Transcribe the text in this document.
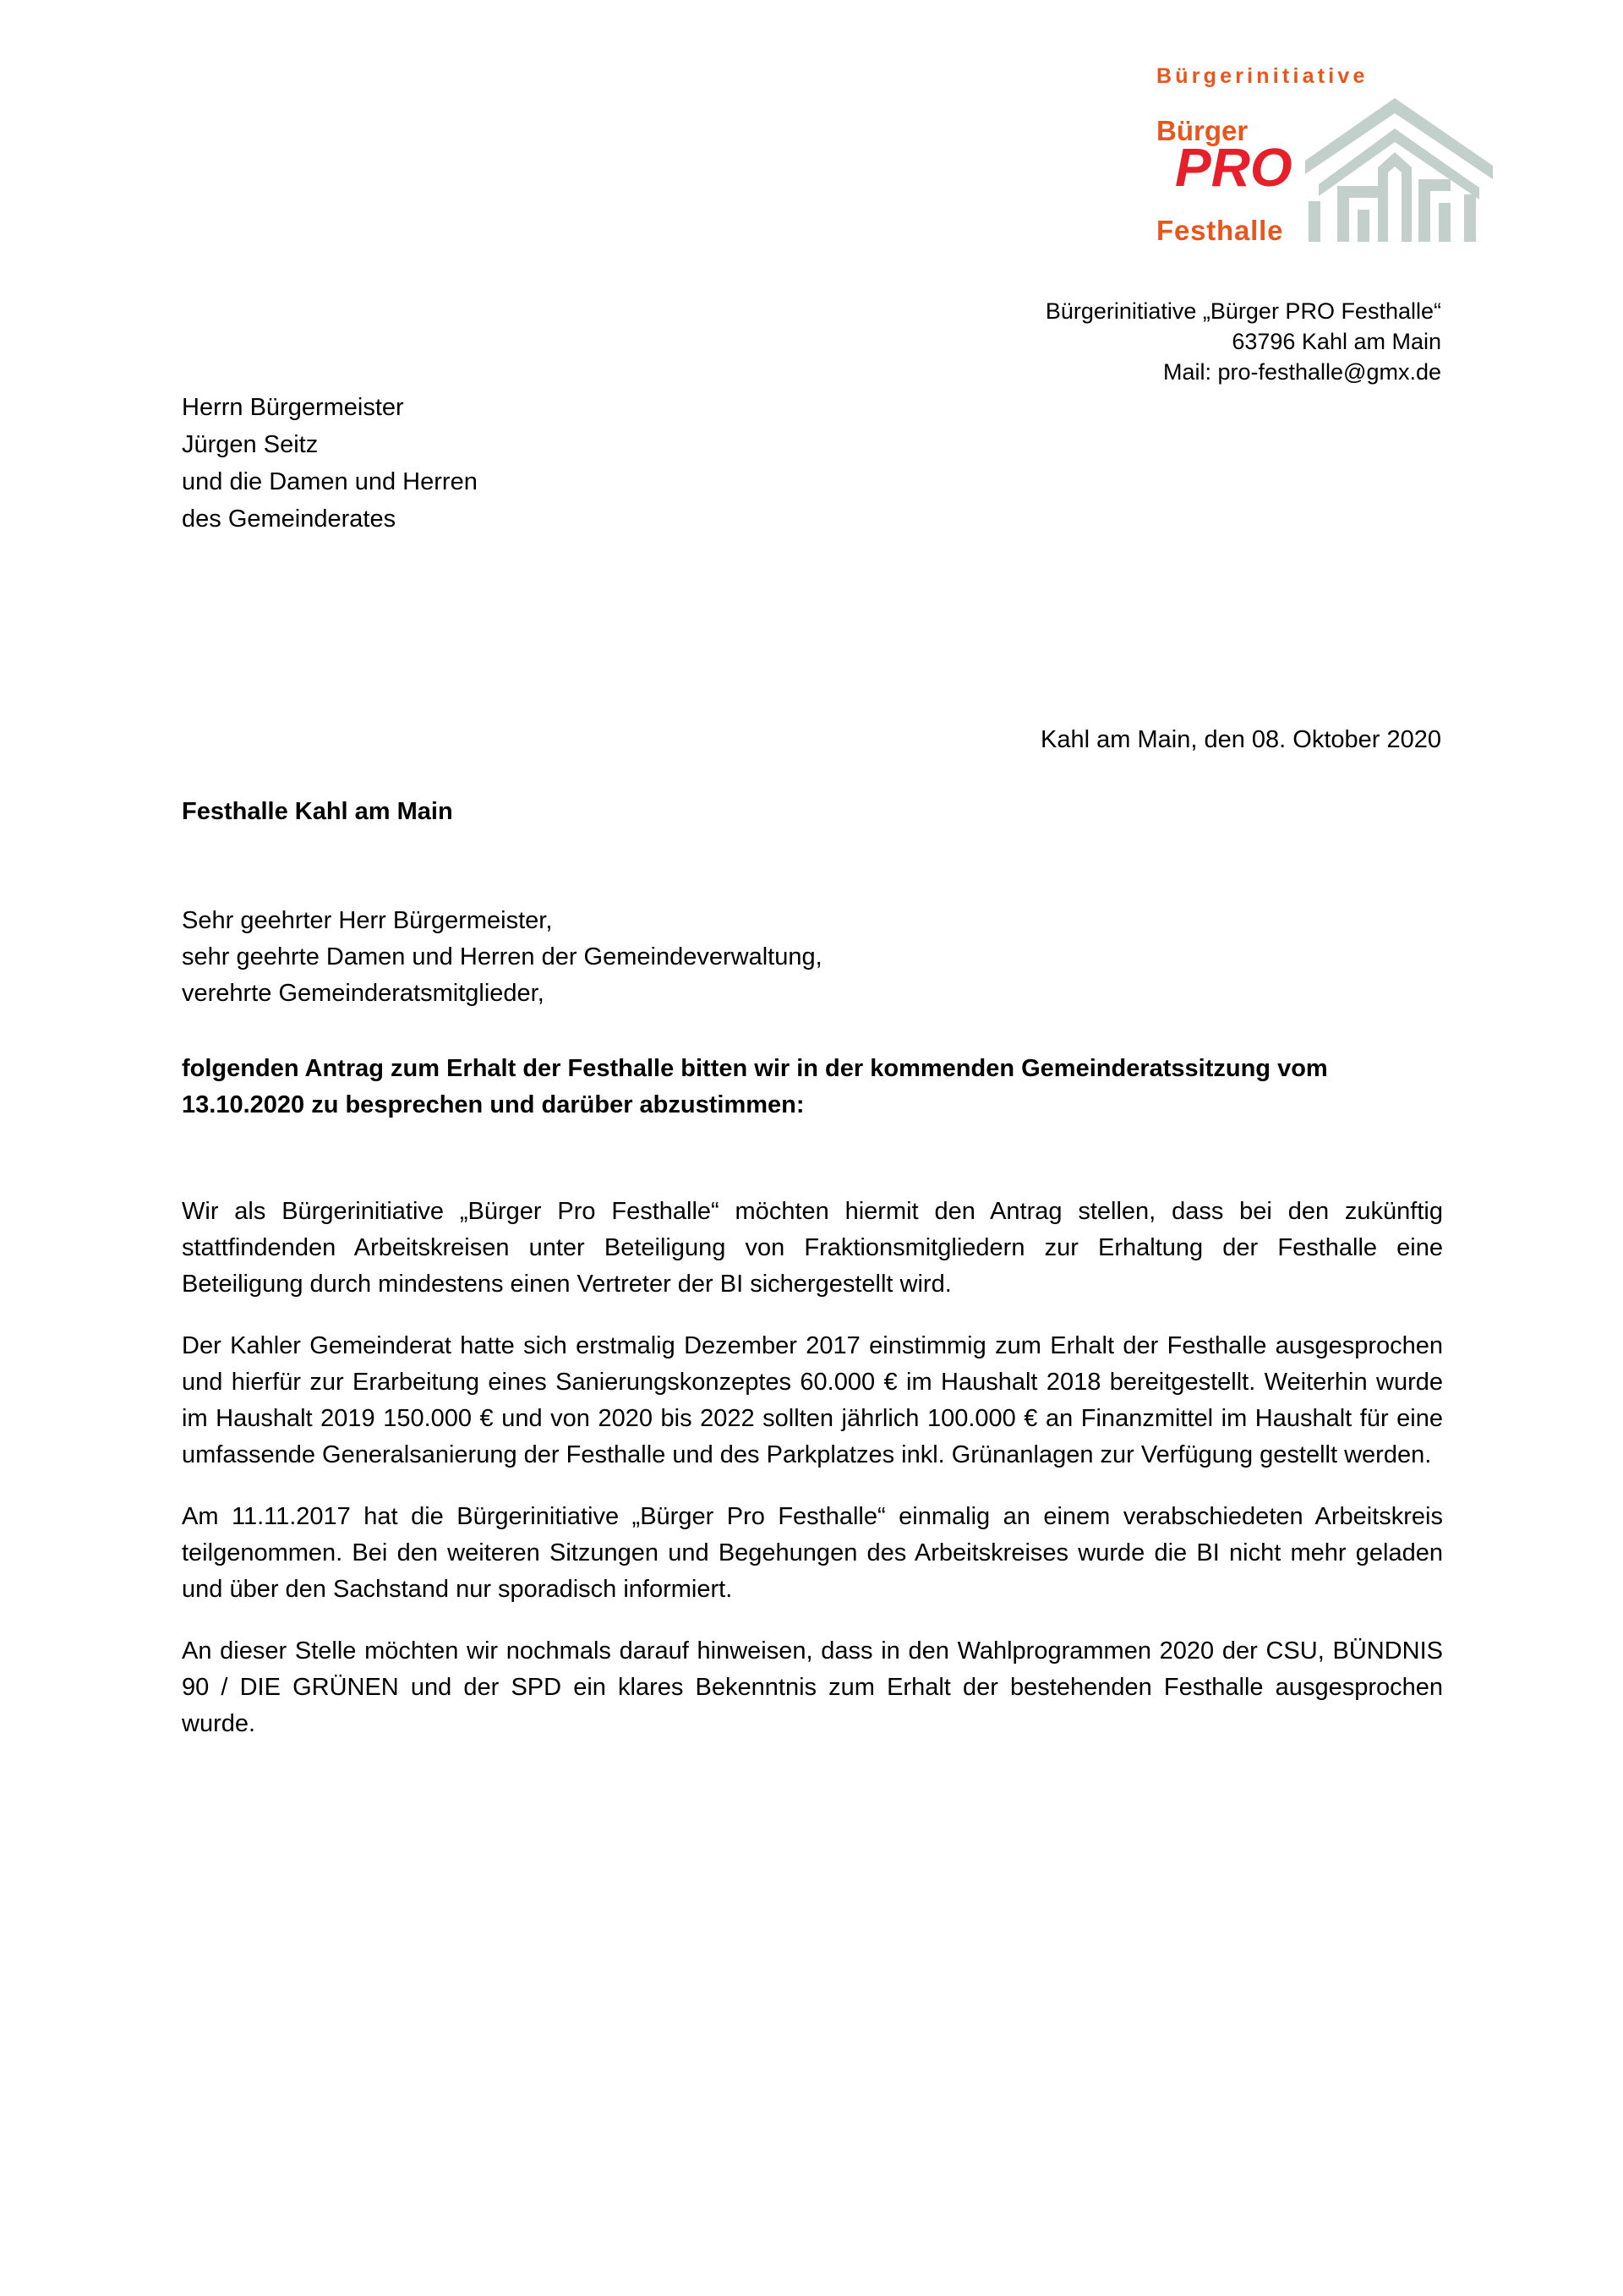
Bürgerinitiative
Bürger
PRO
Festhalle
Bürgerinitiative „Bürger PRO Festhalle“
63796 Kahl am Main
Mail: pro-festhalle@gmx.de
Herrn Bürgermeister
Jürgen Seitz
und die Damen und Herren
des Gemeinderates
Kahl am Main, den 08. Oktober 2020
Festhalle Kahl am Main
Sehr geehrter Herr Bürgermeister,
sehr geehrte Damen und Herren der Gemeindeverwaltung,
verehrte Gemeinderatsmitglieder,
folgenden Antrag zum Erhalt der Festhalle bitten wir in der kommenden Gemeinderatssitzung vom 13.10.2020 zu besprechen und darüber abzustimmen:

Wir als Bürgerinitiative „Bürger Pro Festhalle“ möchten hiermit den Antrag stellen, dass bei den zukünftig stattfindenden Arbeitskreisen unter Beteiligung von Fraktionsmitgliedern zur Erhaltung der Festhalle eine Beteiligung durch mindestens einen Vertreter der BI sichergestellt wird.

Der Kahler Gemeinderat hatte sich erstmalig Dezember 2017 einstimmig zum Erhalt der Festhalle ausgesprochen und hierfür zur Erarbeitung eines Sanierungskonzeptes 60.000 € im Haushalt 2018 bereitgestellt. Weiterhin wurde im Haushalt 2019 150.000 € und von 2020 bis 2022 sollten jährlich 100.000 € an Finanzmittel im Haushalt für eine umfassende Generalsanierung der Festhalle und des Parkplatzes inkl. Grünanlagen zur Verfügung gestellt werden.

Am 11.11.2017 hat die Bürgerinitiative „Bürger Pro Festhalle“ einmalig an einem verabschiedeten Arbeitskreis teilgenommen. Bei den weiteren Sitzungen und Begehungen des Arbeitskreises wurde die BI nicht mehr geladen und über den Sachstand nur sporadisch informiert.

An dieser Stelle möchten wir nochmals darauf hinweisen, dass in den Wahlprogrammen 2020 der CSU, BÜNDNIS 90 / DIE GRÜNEN und der SPD ein klares Bekenntnis zum Erhalt der bestehenden Festhalle ausgesprochen wurde.
